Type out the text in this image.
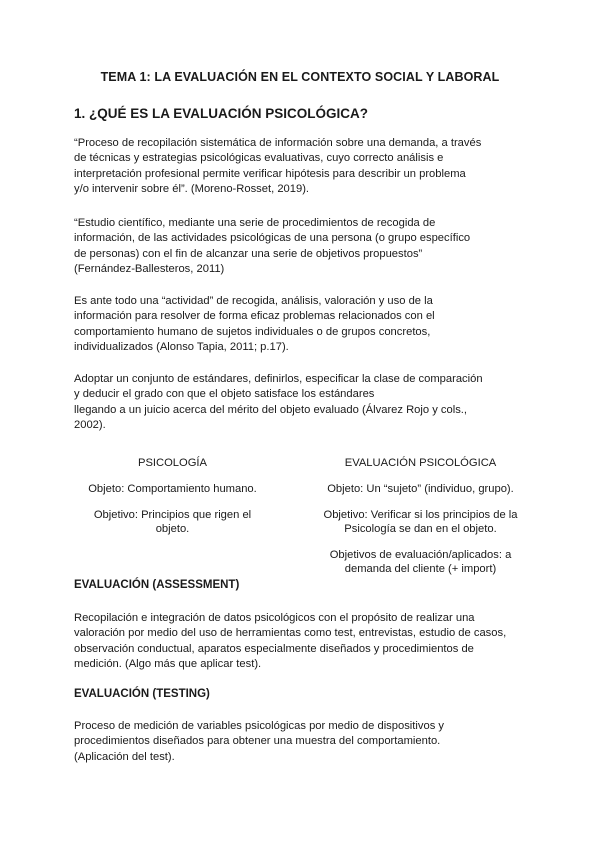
TEMA 1: LA EVALUACIÓN EN EL CONTEXTO SOCIAL Y LABORAL
1. ¿QUÉ ES LA EVALUACIÓN PSICOLÓGICA?
“Proceso de recopilación sistemática de información sobre una demanda, a través
de técnicas y estrategias psicológicas evaluativas, cuyo correcto análisis e
interpretación profesional permite verificar hipótesis para describir un problema
y/o intervenir sobre él”. (Moreno-Rosset, 2019).
“Estudio científico, mediante una serie de procedimientos de recogida de
información, de las actividades psicológicas de una persona (o grupo específico
de personas) con el fin de alcanzar una serie de objetivos propuestos”
(Fernández-Ballesteros, 2011)
Es ante todo una “actividad” de recogida, análisis, valoración y uso de la
información para resolver de forma eficaz problemas relacionados con el
comportamiento humano de sujetos individuales o de grupos concretos,
individualizados (Alonso Tapia, 2011; p.17).
Adoptar un conjunto de estándares, definirlos, especificar la clase de comparación
y deducir el grado con que el objeto satisface los estándares
llegando a un juicio acerca del mérito del objeto evaluado (Álvarez Rojo y cols.,
2002).
PSICOLOGÍA	EVALUACIÓN PSICOLÓGICA
Objeto: Comportamiento humano.	Objeto: Un “sujeto” (individuo, grupo).
Objetivo: Principios que rigen el
objeto.
Objetivo: Verificar si los principios de la
Psicología se dan en el objeto.
Objetivos de evaluación/aplicados: a
demanda del cliente (+ import)
EVALUACIÓN (ASSESSMENT)
Recopilación e integración de datos psicológicos con el propósito de realizar una
valoración por medio del uso de herramientas como test, entrevistas, estudio de casos,
observación conductual, aparatos especialmente diseñados y procedimientos de
medición. (Algo más que aplicar test).
EVALUACIÓN (TESTING)
Proceso de medición de variables psicológicas por medio de dispositivos y
procedimientos diseñados para obtener una muestra del comportamiento.
(Aplicación del test).
